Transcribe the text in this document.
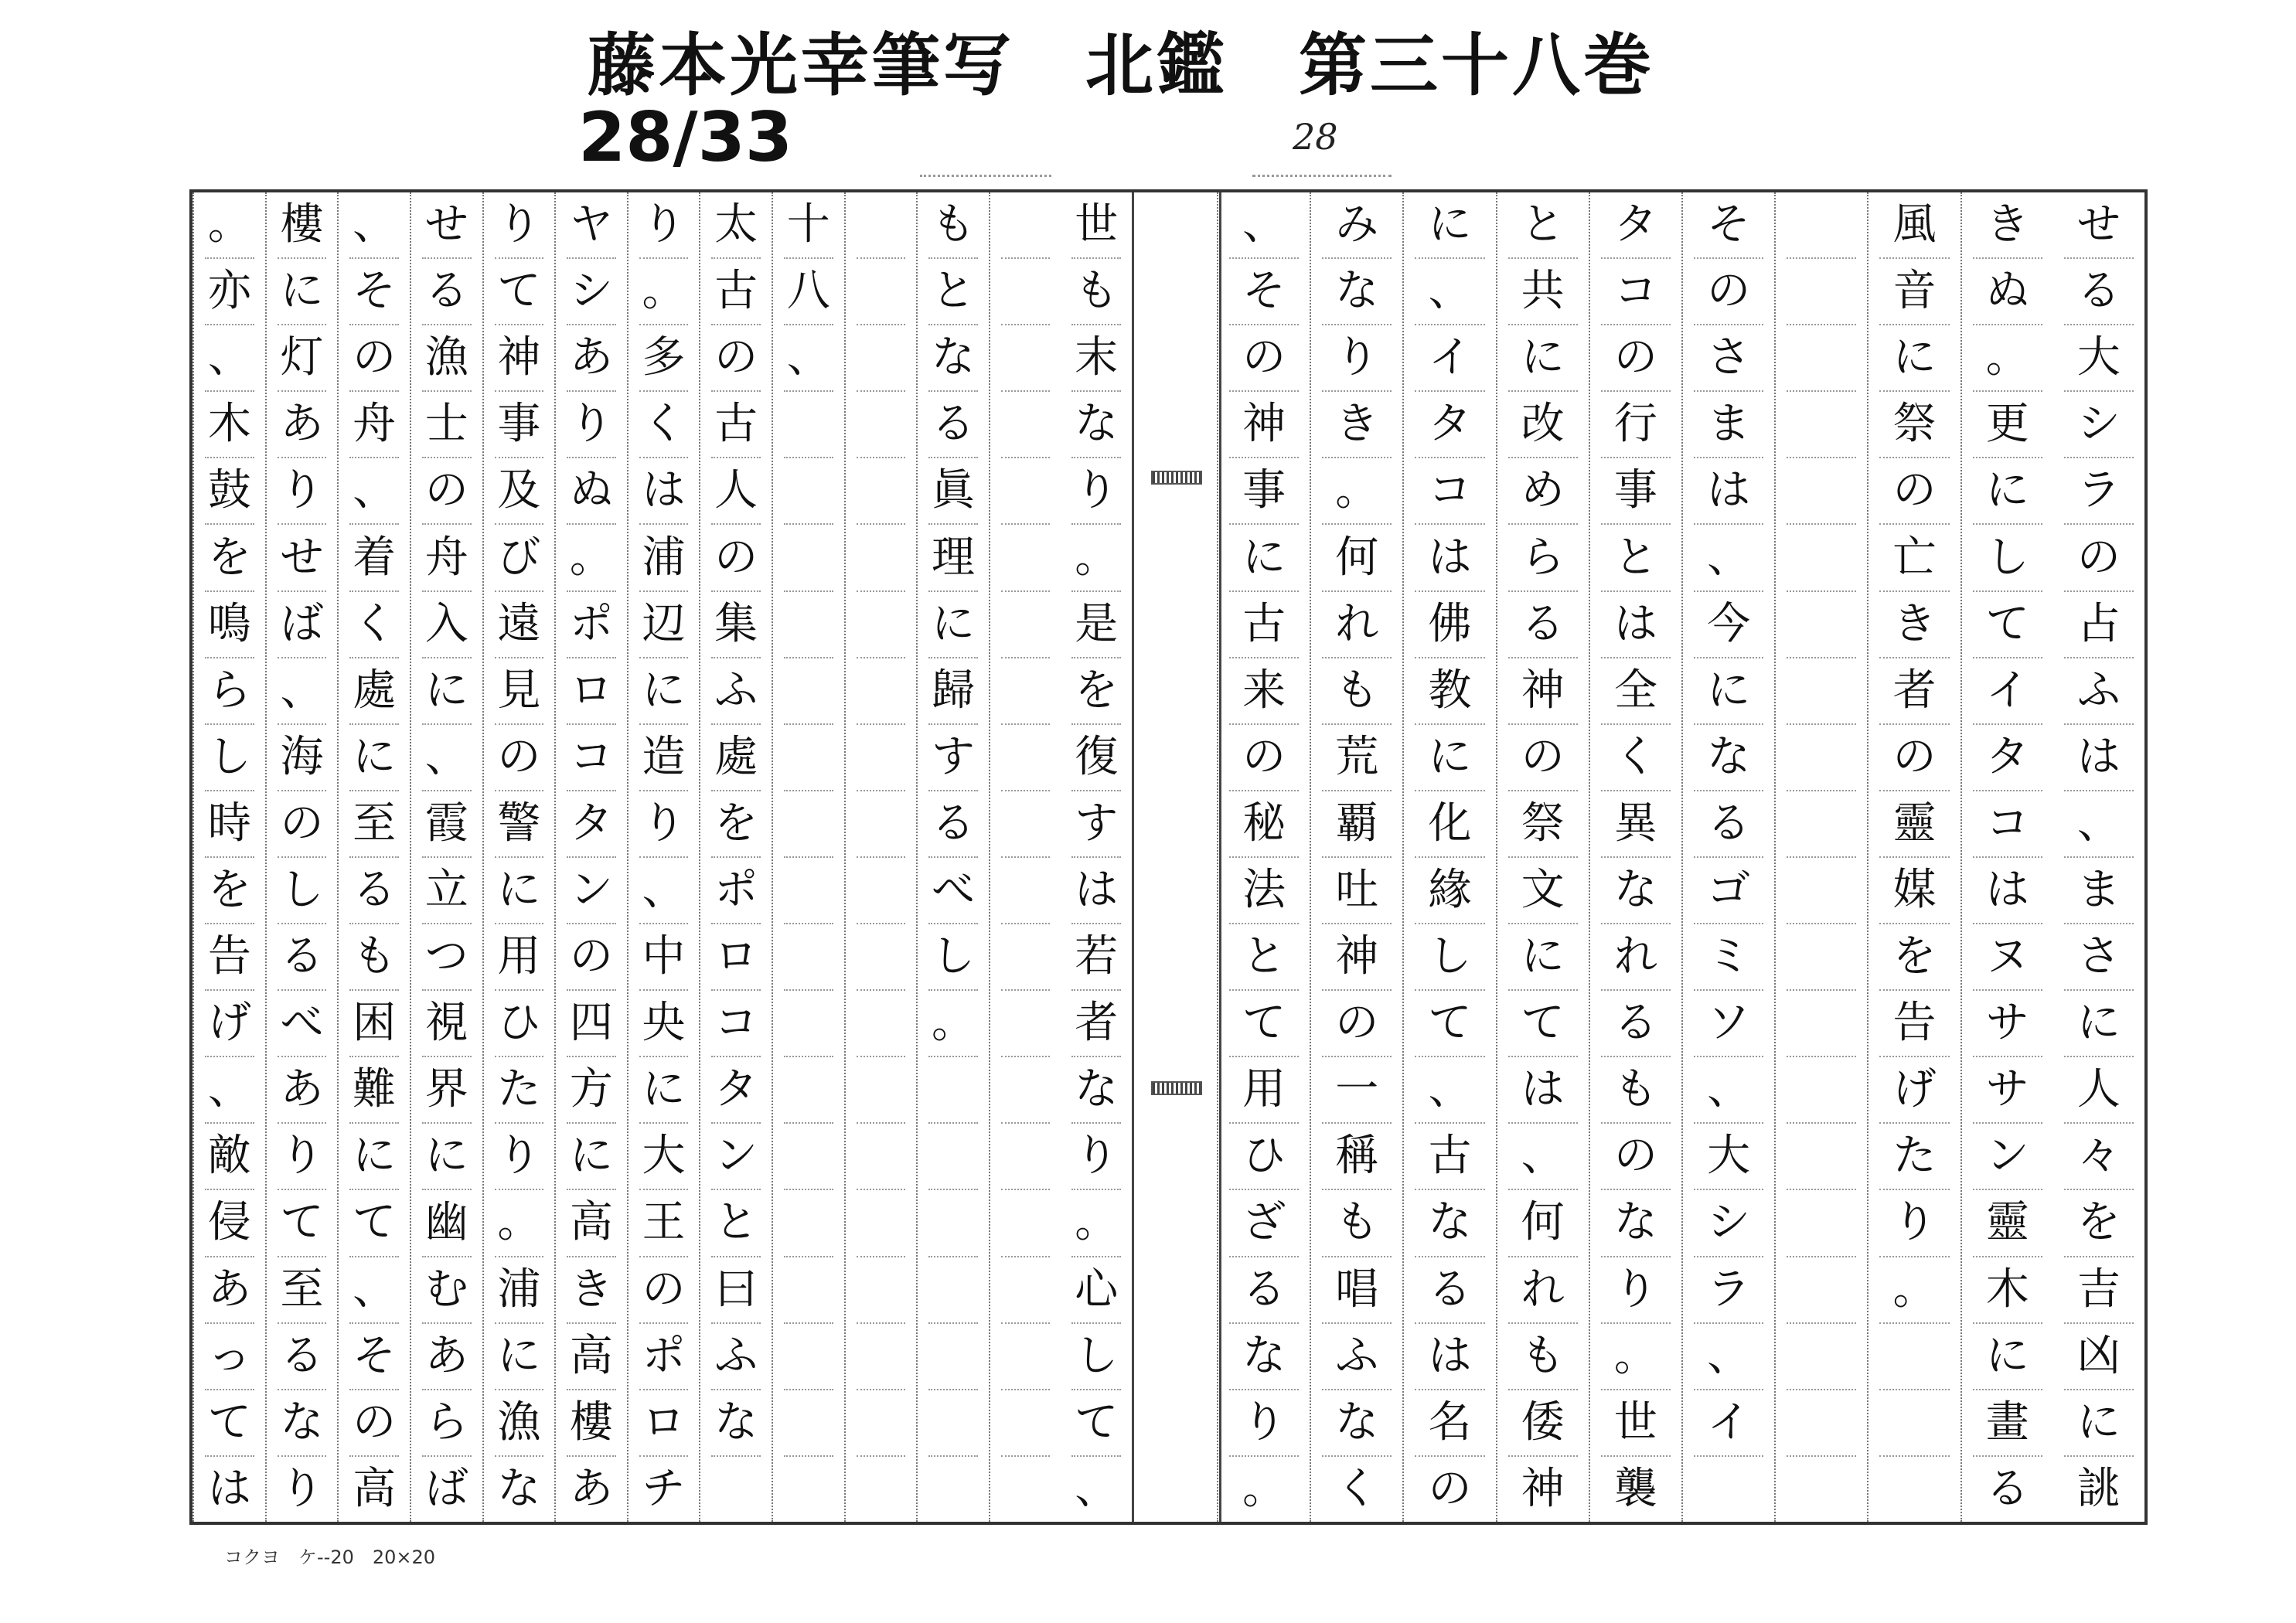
藤本光幸筆写　北鑑　第三十八巻
28/33	28
せ
る
大
シ
ラ
の
占
ふ
は
、
ま
さ
に
人
々
を
吉
凶
に
誂
き
ぬ
。
更
に
し
て
イ
タ
コ
は
ヌ
サ
サ
ン
靈
木
に
畫
る
風
音
に
祭
の
亡
き
者
の
靈
媒
を
告
げ
た
り
。
そ
の
さ
ま
は
、
今
に
な
る
ゴ
ミ
ソ
、
大
シ
ラ
、
イ
タ
コ
の
行
事
と
は
全
く
異
な
れ
る
も
の
な
り
。
世
襲
と
共
に
改
め
ら
る
神
の
祭
文
に
て
は
、
何
れ
も
倭
神
に
、
イ
タ
コ
は
佛
教
に
化
緣
し
て
、
古
な
る
は
名
の
み
な
り
き
。
何
れ
も
荒
覇
吐
神
の
一
稱
も
唱
ふ
な
く
、
そ
の
神
事
に
古
来
の
秘
法
と
て
用
ひ
ざ
る
な
り
。
世
も
末
な
り
。
是
を
復
す
は
若
者
な
り
。
心
し
て
、
も
と
な
る
眞
理
に
歸
す
る
べ
し
。
十
八
、
太
古
の
古
人
の
集
ふ
處
を
ポ
ロ
コ
タ
ン
と
曰
ふ
な
り
。
多
く
は
浦
辺
に
造
り
、
中
央
に
大
王
の
ポ
ロ
チ
ヤ
シ
あ
り
ぬ
。
ポ
ロ
コ
タ
ン
の
四
方
に
高
き
高
樓
あ
り
て
神
事
及
び
遠
見
の
警
に
用
ひ
た
り
。
浦
に
漁
な
せ
る
漁
士
の
舟
入
に
、
霞
立
つ
視
界
に
幽
む
あ
ら
ば
、
そ
の
舟
、
着
く
處
に
至
る
も
困
難
に
て
、
そ
の
高
樓
に
灯
あ
り
せ
ば
、
海
の
し
る
べ
あ
り
て
至
る
な
り
。
亦
、
木
鼓
を
鳴
ら
し
時
を
告
げ
、
敵
侵
あ
っ
て
は
コクヨ　ケ--20　20×20
